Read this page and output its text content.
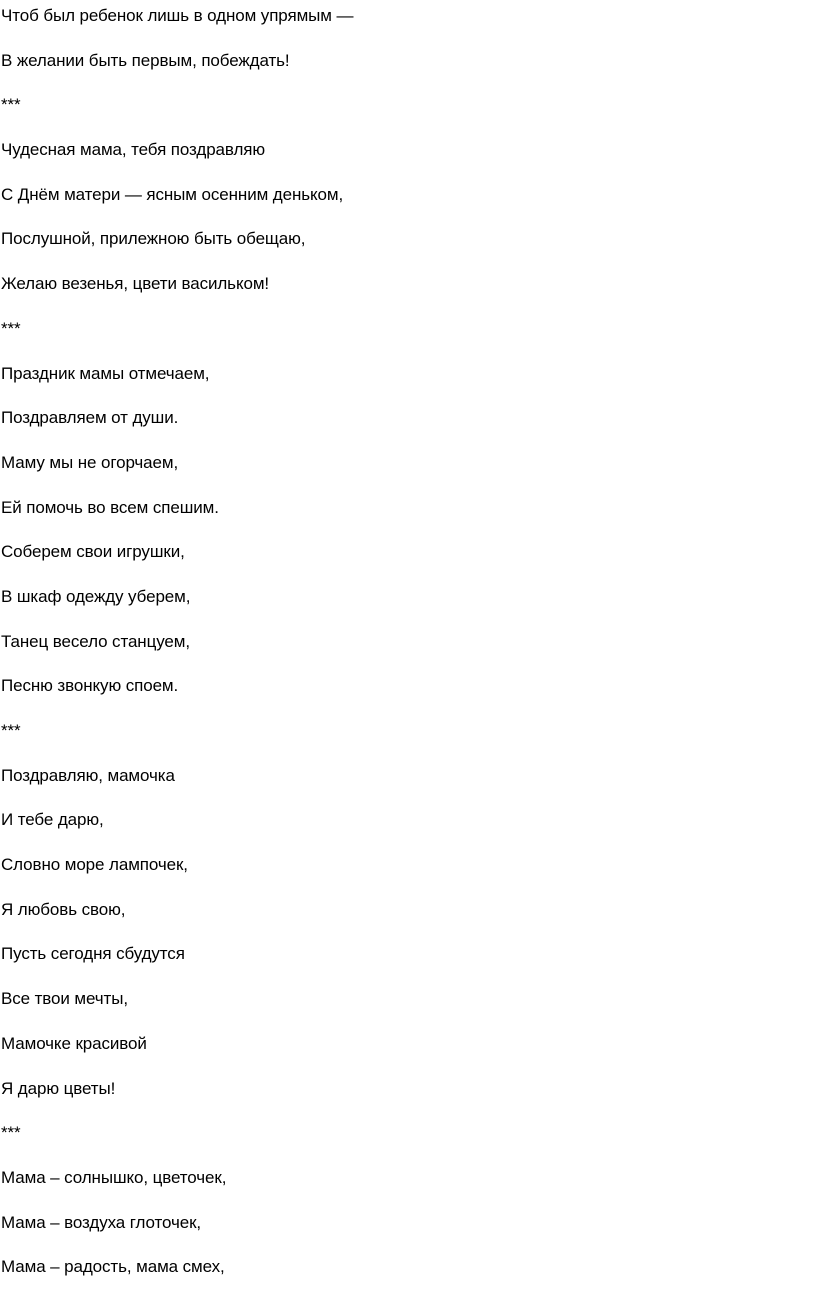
Чтоб был ребенок лишь в одном упрямым —
В желании быть первым, побеждать!
***
Чудесная мама, тебя поздравляю
С Днём матери — ясным осенним деньком,
Послушной, прилежною быть обещаю,
Желаю везенья, цвети васильком!
***
Праздник мамы отмечаем,
Поздравляем от души.
Маму мы не огорчаем,
Ей помочь во всем спешим.
Соберем свои игрушки,
В шкаф одежду уберем,
Танец весело станцуем,
Песню звонкую споем.
***
Поздравляю, мамочка
И тебе дарю,
Словно море лампочек,
Я любовь свою,
Пусть сегодня сбудутся
Все твои мечты,
Мамочке красивой
Я дарю цветы!
***
Мама – солнышко, цветочек,
Мама – воздуха глоточек,
Мама – радость, мама смех,
